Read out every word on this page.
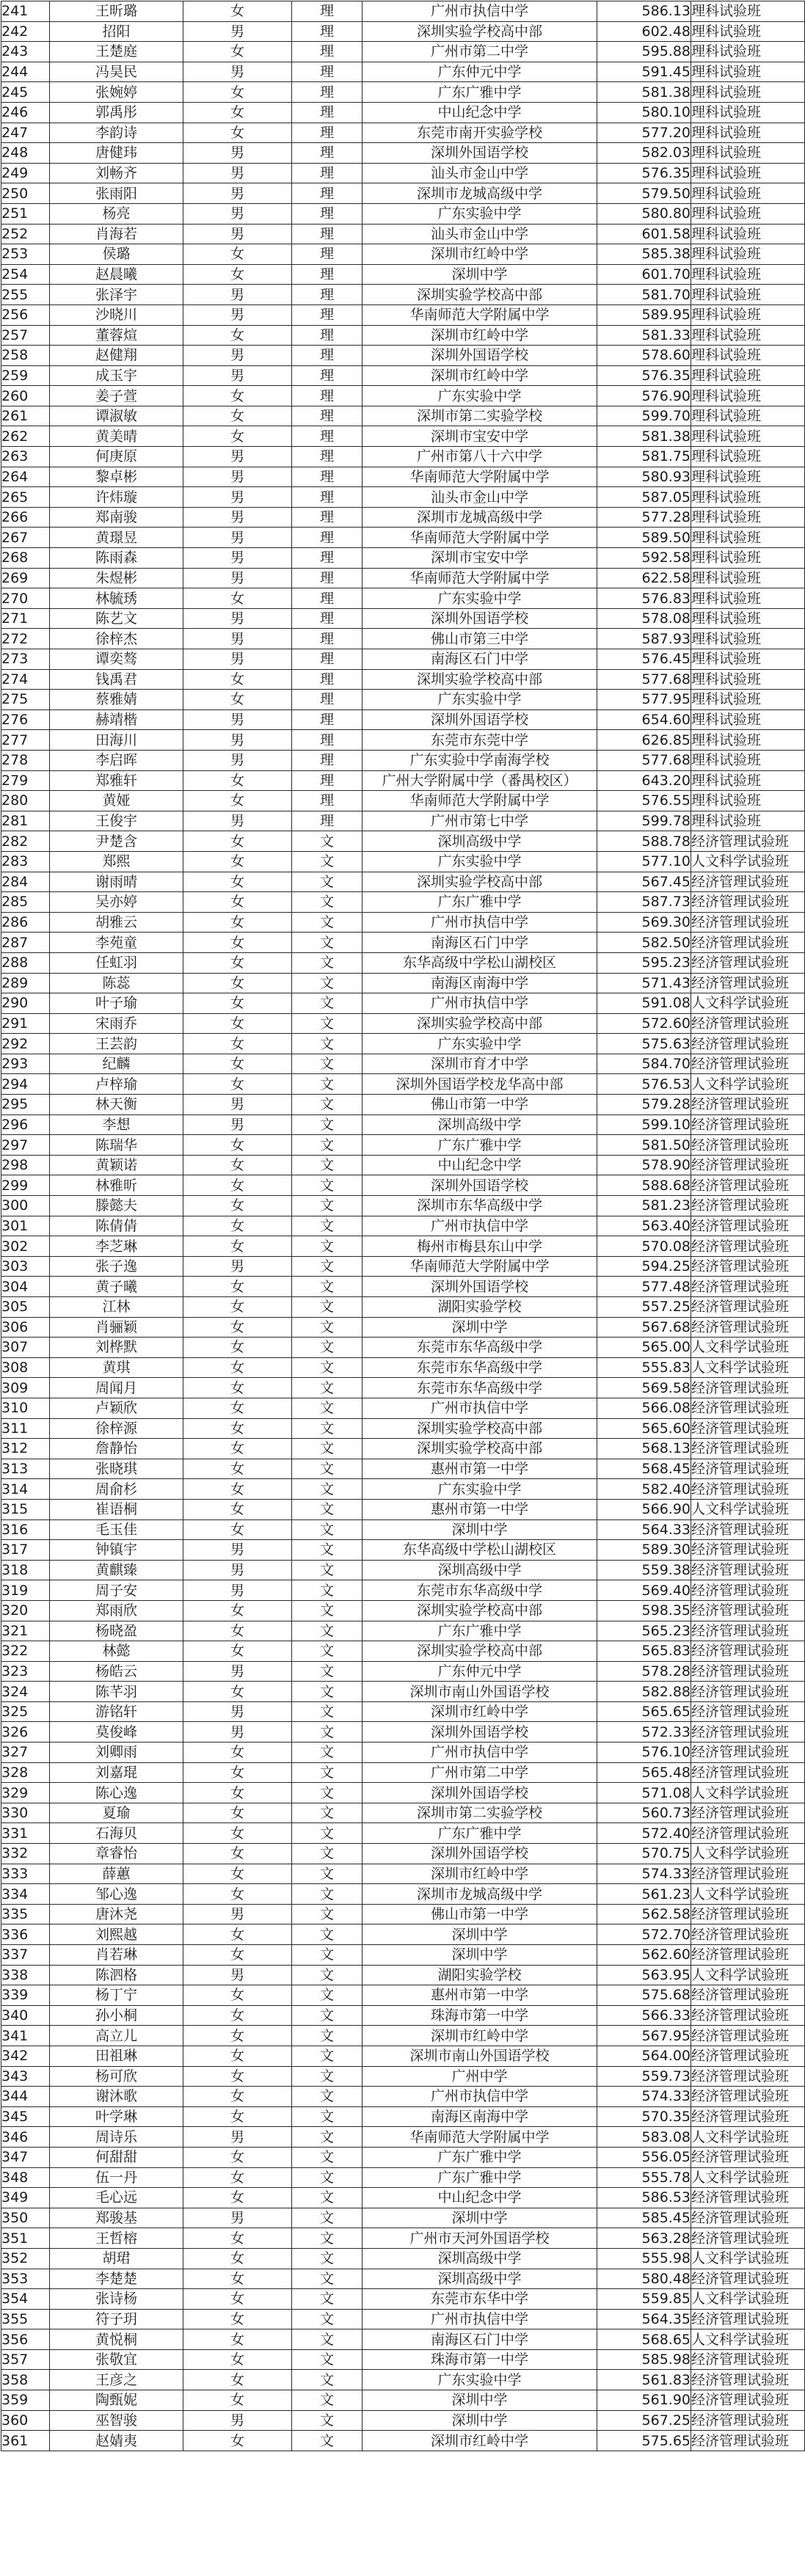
241	王昕璐	女	理	广州市执信中学	586.13	理科试验班
242	招阳	男	理	深圳实验学校高中部	602.48	理科试验班
243	王楚庭	女	理	广州市第二中学	595.88	理科试验班
244	冯昊民	男	理	广东仲元中学	591.45	理科试验班
245	张婉婷	女	理	广东广雅中学	581.38	理科试验班
246	郭禹彤	女	理	中山纪念中学	580.10	理科试验班
247	李韵诗	女	理	东莞市南开实验学校	577.20	理科试验班
248	唐健玮	男	理	深圳外国语学校	582.03	理科试验班
249	刘畅齐	男	理	汕头市金山中学	576.35	理科试验班
250	张雨阳	男	理	深圳市龙城高级中学	579.50	理科试验班
251	杨亮	男	理	广东实验中学	580.80	理科试验班
252	肖海若	男	理	汕头市金山中学	601.58	理科试验班
253	侯璐	女	理	深圳市红岭中学	585.38	理科试验班
254	赵晨曦	女	理	深圳中学	601.70	理科试验班
255	张泽宇	男	理	深圳实验学校高中部	581.70	理科试验班
256	沙晓川	男	理	华南师范大学附属中学	589.95	理科试验班
257	董蓉煊	女	理	深圳市红岭中学	581.33	理科试验班
258	赵健翔	男	理	深圳外国语学校	578.60	理科试验班
259	成玉宇	男	理	深圳市红岭中学	576.35	理科试验班
260	姜子萱	女	理	广东实验中学	576.90	理科试验班
261	谭淑敏	女	理	深圳市第二实验学校	599.70	理科试验班
262	黄美晴	女	理	深圳市宝安中学	581.38	理科试验班
263	何庚原	男	理	广州市第八十六中学	581.75	理科试验班
264	黎卓彬	男	理	华南师范大学附属中学	580.93	理科试验班
265	许炜璇	男	理	汕头市金山中学	587.05	理科试验班
266	郑南骏	男	理	深圳市龙城高级中学	577.28	理科试验班
267	黄璟昱	男	理	华南师范大学附属中学	589.50	理科试验班
268	陈雨森	男	理	深圳市宝安中学	592.58	理科试验班
269	朱煜彬	男	理	华南师范大学附属中学	622.58	理科试验班
270	林毓琇	女	理	广东实验中学	576.83	理科试验班
271	陈艺文	男	理	深圳外国语学校	578.08	理科试验班
272	徐梓杰	男	理	佛山市第三中学	587.93	理科试验班
273	谭奕骜	男	理	南海区石门中学	576.45	理科试验班
274	钱禹君	女	理	深圳实验学校高中部	577.68	理科试验班
275	蔡雅婧	女	理	广东实验中学	577.95	理科试验班
276	赫靖楷	男	理	深圳外国语学校	654.60	理科试验班
277	田海川	男	理	东莞市东莞中学	626.85	理科试验班
278	李启晖	男	理	广东实验中学南海学校	577.68	理科试验班
279	郑雅轩	女	理	广州大学附属中学（番禺校区）	643.20	理科试验班
280	黄娅	女	理	华南师范大学附属中学	576.55	理科试验班
281	王俊宇	男	理	广州市第七中学	599.78	理科试验班
282	尹楚含	女	文	深圳高级中学	588.78	经济管理试验班
283	郑熙	女	文	广东实验中学	577.10	人文科学试验班
284	谢雨晴	女	文	深圳实验学校高中部	567.45	经济管理试验班
285	吴亦婷	女	文	广东广雅中学	587.73	经济管理试验班
286	胡雅云	女	文	广州市执信中学	569.30	经济管理试验班
287	李苑童	女	文	南海区石门中学	582.50	经济管理试验班
288	任虹羽	女	文	东华高级中学松山湖校区	595.23	经济管理试验班
289	陈蕊	女	文	南海区南海中学	571.43	经济管理试验班
290	叶子瑜	女	文	广州市执信中学	591.08	人文科学试验班
291	宋雨乔	女	文	深圳实验学校高中部	572.60	经济管理试验班
292	王芸韵	女	文	广东实验中学	575.63	经济管理试验班
293	纪麟	女	文	深圳市育才中学	584.70	经济管理试验班
294	卢梓瑜	女	文	深圳外国语学校龙华高中部	576.53	人文科学试验班
295	林天衡	男	文	佛山市第一中学	579.28	经济管理试验班
296	李想	男	文	深圳高级中学	599.10	经济管理试验班
297	陈瑞华	女	文	广东广雅中学	581.50	经济管理试验班
298	黄颖诺	女	文	中山纪念中学	578.90	经济管理试验班
299	林雅昕	女	文	深圳外国语学校	588.68	经济管理试验班
300	滕懿夫	女	文	深圳市东华高级中学	581.23	经济管理试验班
301	陈倩倩	女	文	广州市执信中学	563.40	经济管理试验班
302	李芝琳	女	文	梅州市梅县东山中学	570.08	经济管理试验班
303	张子逸	男	文	华南师范大学附属中学	594.25	经济管理试验班
304	黄子曦	女	文	深圳外国语学校	577.48	经济管理试验班
305	江林	女	文	湖阳实验学校	557.25	经济管理试验班
306	肖骊颖	女	文	深圳中学	567.68	经济管理试验班
307	刘桦默	女	文	东莞市东华高级中学	565.00	人文科学试验班
308	黄琪	女	文	东莞市东华高级中学	555.83	人文科学试验班
309	周闻月	女	文	东莞市东华高级中学	569.58	经济管理试验班
310	卢颖欣	女	文	广州市执信中学	566.08	经济管理试验班
311	徐梓源	女	文	深圳实验学校高中部	565.60	经济管理试验班
312	詹静怡	女	文	深圳实验学校高中部	568.13	经济管理试验班
313	张晓琪	女	文	惠州市第一中学	568.45	经济管理试验班
314	周俞杉	女	文	广东实验中学	582.40	经济管理试验班
315	崔语桐	女	文	惠州市第一中学	566.90	人文科学试验班
316	毛玉佳	女	文	深圳中学	564.33	经济管理试验班
317	钟镇宇	男	文	东华高级中学松山湖校区	589.30	经济管理试验班
318	黄麒臻	男	文	深圳高级中学	559.38	经济管理试验班
319	周子安	男	文	东莞市东华高级中学	569.40	经济管理试验班
320	郑雨欣	女	文	深圳实验学校高中部	598.35	经济管理试验班
321	杨晓盈	女	文	广东广雅中学	565.23	经济管理试验班
322	林懿	女	文	深圳实验学校高中部	565.83	经济管理试验班
323	杨皓云	男	文	广东仲元中学	578.28	经济管理试验班
324	陈芊羽	女	文	深圳市南山外国语学校	582.88	经济管理试验班
325	游铭轩	男	文	深圳市红岭中学	565.65	经济管理试验班
326	莫俊峰	男	文	深圳外国语学校	572.33	经济管理试验班
327	刘卿雨	女	文	广州市执信中学	576.10	经济管理试验班
328	刘嘉琨	女	文	广州市第二中学	565.48	经济管理试验班
329	陈心逸	女	文	深圳外国语学校	571.08	人文科学试验班
330	夏瑜	女	文	深圳市第二实验学校	560.73	经济管理试验班
331	石海贝	女	文	广东广雅中学	572.40	经济管理试验班
332	章睿怡	女	文	深圳外国语学校	570.75	人文科学试验班
333	薛蕙	女	文	深圳市红岭中学	574.33	经济管理试验班
334	邹心逸	女	文	深圳市龙城高级中学	561.23	人文科学试验班
335	唐沐尧	男	文	佛山市第一中学	562.58	经济管理试验班
336	刘熙越	女	文	深圳中学	572.70	经济管理试验班
337	肖若琳	女	文	深圳中学	562.60	经济管理试验班
338	陈泗格	男	文	湖阳实验学校	563.95	人文科学试验班
339	杨丁宁	女	文	惠州市第一中学	575.68	经济管理试验班
340	孙小桐	女	文	珠海市第一中学	566.33	经济管理试验班
341	高立儿	女	文	深圳市红岭中学	567.95	经济管理试验班
342	田祖琳	女	文	深圳市南山外国语学校	564.00	经济管理试验班
343	杨可欣	女	文	广州中学	559.73	经济管理试验班
344	谢沐歌	女	文	广州市执信中学	574.33	经济管理试验班
345	叶学琳	女	文	南海区南海中学	570.35	经济管理试验班
346	周诗乐	男	文	华南师范大学附属中学	583.08	人文科学试验班
347	何甜甜	女	文	广东广雅中学	556.05	经济管理试验班
348	伍一丹	女	文	广东广雅中学	555.78	人文科学试验班
349	毛心远	女	文	中山纪念中学	586.53	经济管理试验班
350	郑骏基	男	文	深圳中学	585.45	经济管理试验班
351	王哲榕	女	文	广州市天河外国语学校	563.28	经济管理试验班
352	胡珺	女	文	深圳高级中学	555.98	人文科学试验班
353	李楚楚	女	文	深圳高级中学	580.48	经济管理试验班
354	张诗杨	女	文	东莞市东华中学	559.85	人文科学试验班
355	符子玥	女	文	广州市执信中学	564.35	经济管理试验班
356	黄悦桐	女	文	南海区石门中学	568.65	人文科学试验班
357	张敬宜	女	文	珠海市第一中学	585.98	经济管理试验班
358	王彦之	女	文	广东实验中学	561.83	经济管理试验班
359	陶甄妮	女	文	深圳中学	561.90	经济管理试验班
360	巫智骏	男	文	深圳中学	567.25	经济管理试验班
361	赵婧夷	女	文	深圳市红岭中学	575.65	经济管理试验班
